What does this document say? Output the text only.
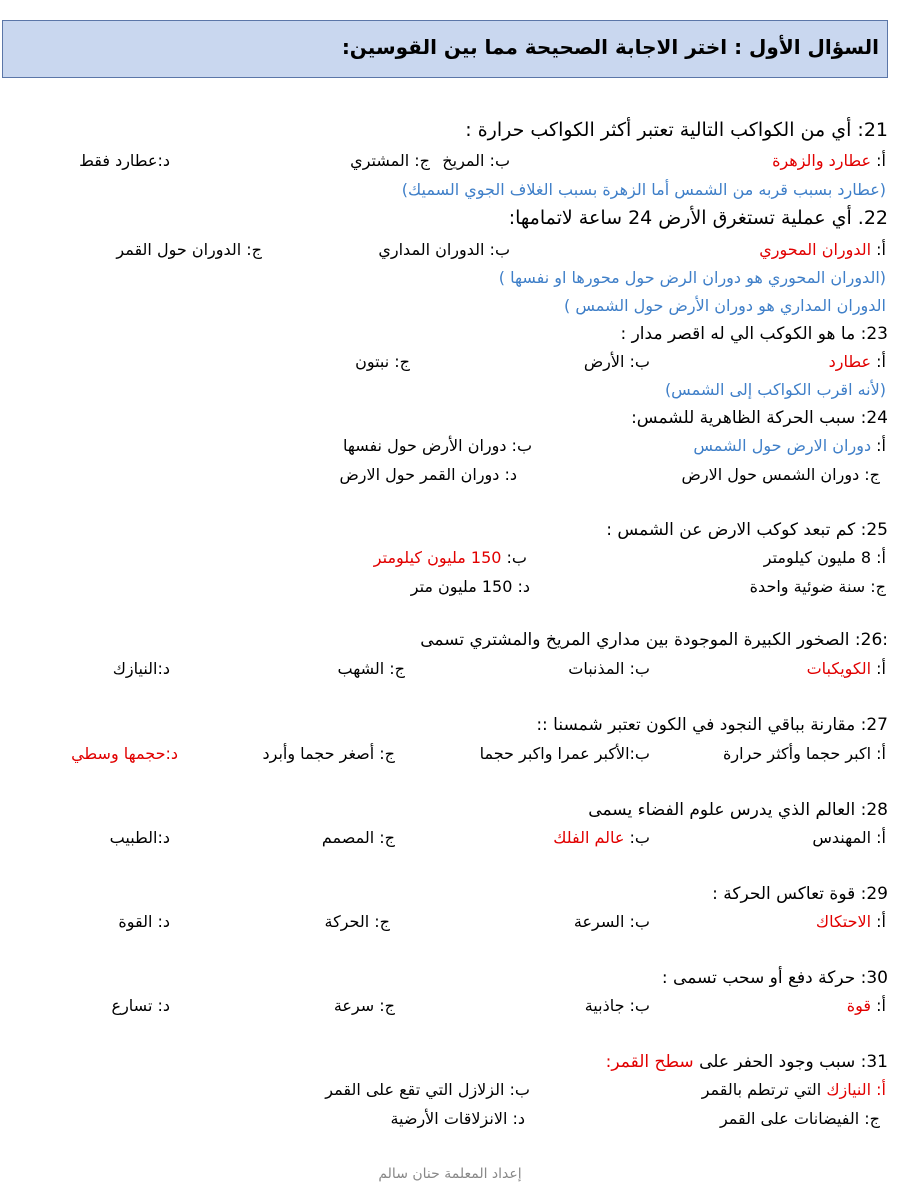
السؤال الأول : اختر الاجابة الصحيحة مما بين القوسين:
21: أي من الكواكب التالية تعتبر أكثر الكواكب حرارة :
أ: عطارد والزهرة
ب: المريخ
ج: المشتري
د:عطارد فقط
(عطارد بسبب قربه من الشمس أما الزهرة بسبب الغلاف الجوي السميك)
22. أي عملية تستغرق الأرض 24 ساعة لاتمامها:
أ: الدوران المحوري
ب: الدوران المداري
ج: الدوران حول القمر
(الدوران المحوري هو دوران الرض حول محورها او نفسها )
الدوران المداري هو دوران الأرض حول الشمس )
23: ما هو الكوكب الي له اقصر مدار :
أ: عطارد
ب: الأرض
ج: نبتون
(لأنه اقرب الكواكب إلى الشمس)
24: سبب الحركة الظاهرية للشمس:
أ: دوران الارض حول الشمس
ب: دوران الأرض حول نفسها
ج: دوران الشمس حول الارض
د: دوران القمر حول الارض
25: كم تبعد كوكب الارض عن الشمس :
أ: 8 مليون كيلومتر
ب: 150 مليون كيلومتر
ج: سنة ضوئية واحدة
د: 150 مليون متر
:26: الصخور الكبيرة الموجودة بين مداري المريخ والمشتري تسمى
أ: الكويكبات
ب: المذنبات
ج: الشهب
د:النيازك
27: مقارنة بباقي النجود في الكون تعتبر شمسنا ::
أ: اكبر حجما وأكثر حرارة
ب:الأكبر عمرا واكبر حجما
ج: أصغر حجما وأبرد
د:حجمها وسطي
28: العالم الذي يدرس علوم الفضاء يسمى
أ: المهندس
ب: عالم الفلك
ج: المصمم
د:الطبيب
29: قوة تعاكس الحركة :
أ: الاحتكاك
ب: السرعة
ج: الحركة
د: القوة
30: حركة دفع أو سحب تسمى :
أ: قوة
ب: جاذبية
ج: سرعة
د: تسارع
31: سبب وجود الحفر على سطح القمر:
أ: النيازك التي ترتطم بالقمر
ب: الزلازل التي تقع على القمر
ج: الفيضانات على القمر
د: الانزلاقات الأرضية
إعداد المعلمة حنان سالم
